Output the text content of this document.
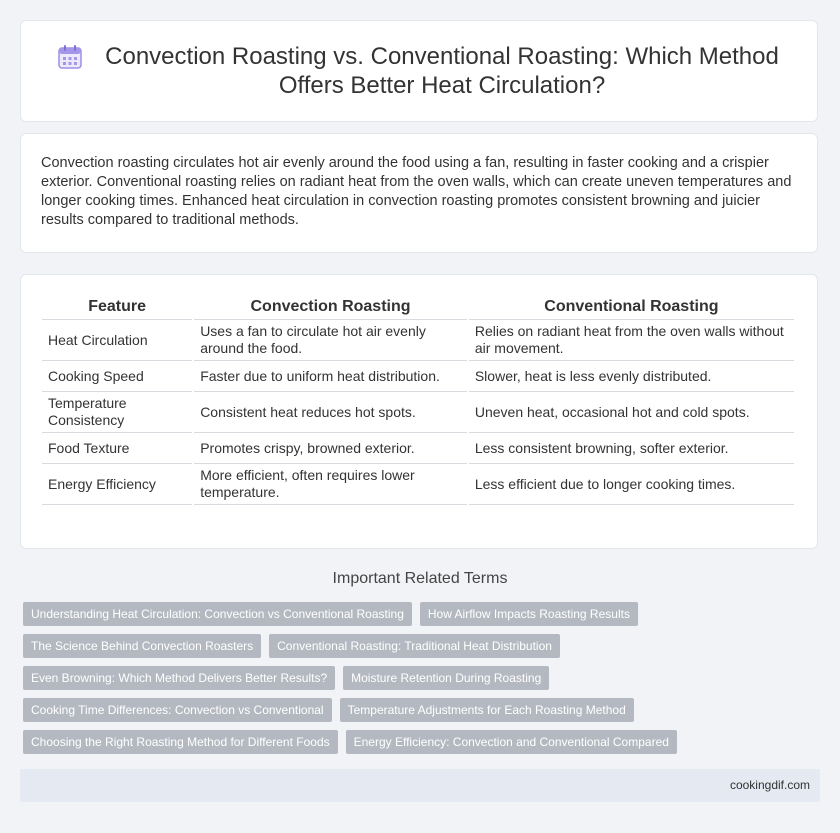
Convection Roasting vs. Conventional Roasting: Which Method Offers Better Heat Circulation?

Convection roasting circulates hot air evenly around the food using a fan, resulting in faster cooking and a crispier exterior. Conventional roasting relies on radiant heat from the oven walls, which can create uneven temperatures and longer cooking times. Enhanced heat circulation in convection roasting promotes consistent browning and juicier results compared to traditional methods.

Feature	Convection Roasting	Conventional Roasting
Heat Circulation	Uses a fan to circulate hot air evenly around the food.	Relies on radiant heat from the oven walls without air movement.
Cooking Speed	Faster due to uniform heat distribution.	Slower, heat is less evenly distributed.
Temperature Consistency	Consistent heat reduces hot spots.	Uneven heat, occasional hot and cold spots.
Food Texture	Promotes crispy, browned exterior.	Less consistent browning, softer exterior.
Energy Efficiency	More efficient, often requires lower temperature.	Less efficient due to longer cooking times.
Important Related Terms
Understanding Heat Circulation: Convection vs Conventional Roasting	How Airflow Impacts Roasting Results
The Science Behind Convection Roasters	Conventional Roasting: Traditional Heat Distribution
Even Browning: Which Method Delivers Better Results?	Moisture Retention During Roasting
Cooking Time Differences: Convection vs Conventional	Temperature Adjustments for Each Roasting Method
Choosing the Right Roasting Method for Different Foods	Energy Efficiency: Convection and Conventional Compared
cookingdif.com
